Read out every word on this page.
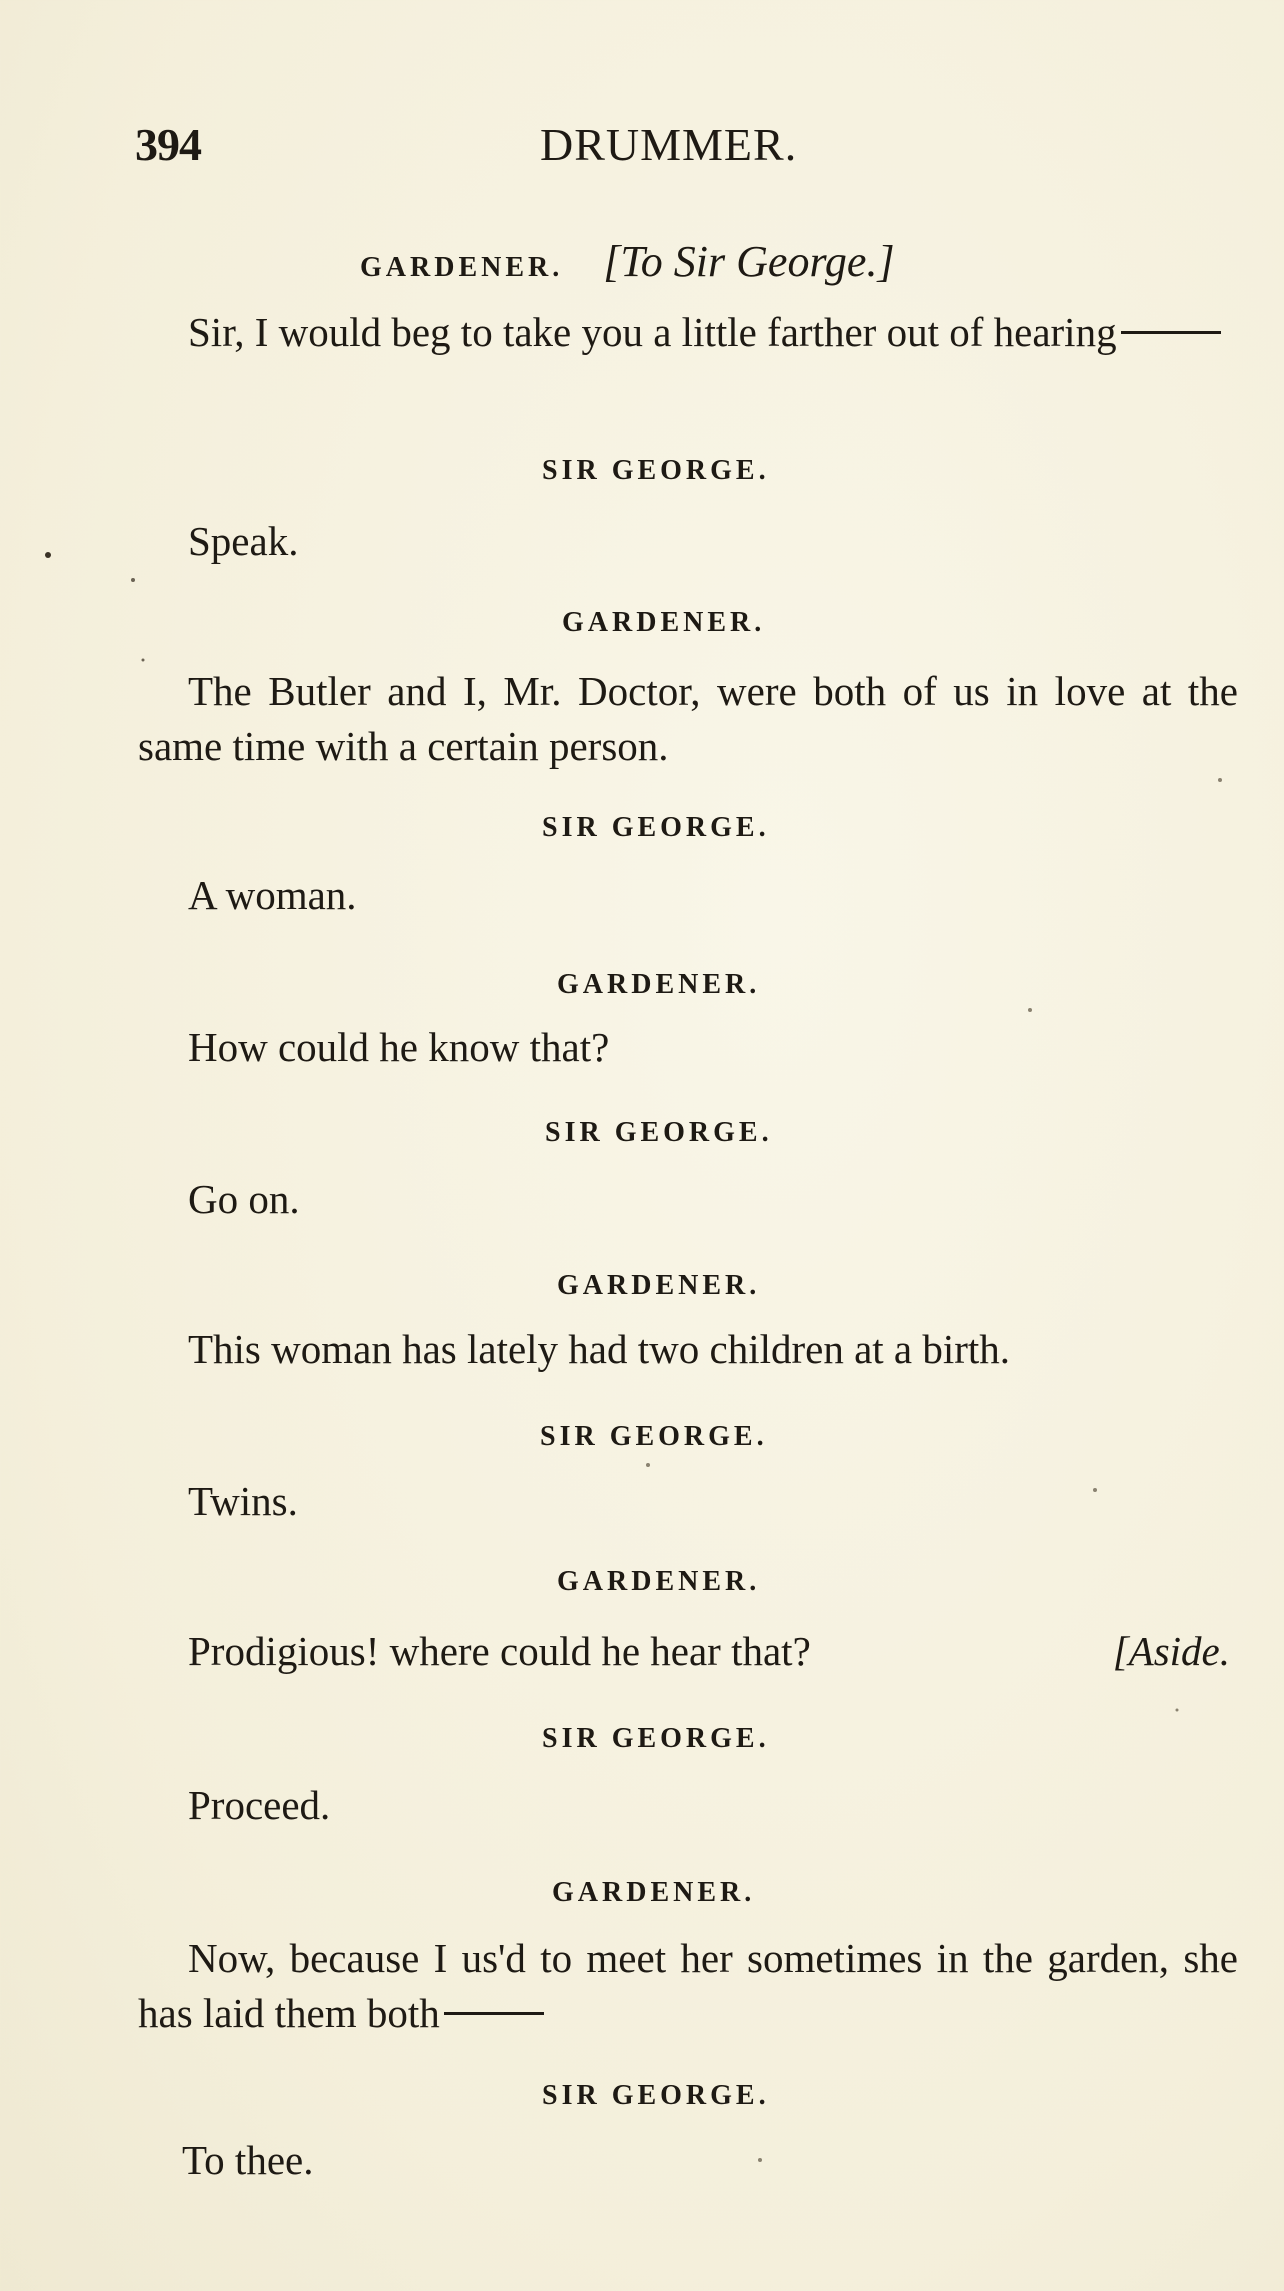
394	DRUMMER.
GARDENER. [To Sir George.]
Sir, I would beg to take you a little farther out of hearing
SIR GEORGE.
Speak.
GARDENER.
The Butler and I, Mr. Doctor, were both of us in love at the same time with a certain person.
SIR GEORGE.
A woman.
GARDENER.
How could he know that?
SIR GEORGE.
Go on.
GARDENER.
This woman has lately had two children at a birth.
SIR GEORGE.
Twins.
GARDENER.
Prodigious! where could he hear that?	[Aside.
SIR GEORGE.
Proceed.
GARDENER.
Now, because I us'd to meet her sometimes in the garden, she has laid them both
SIR GEORGE.
To thee.
